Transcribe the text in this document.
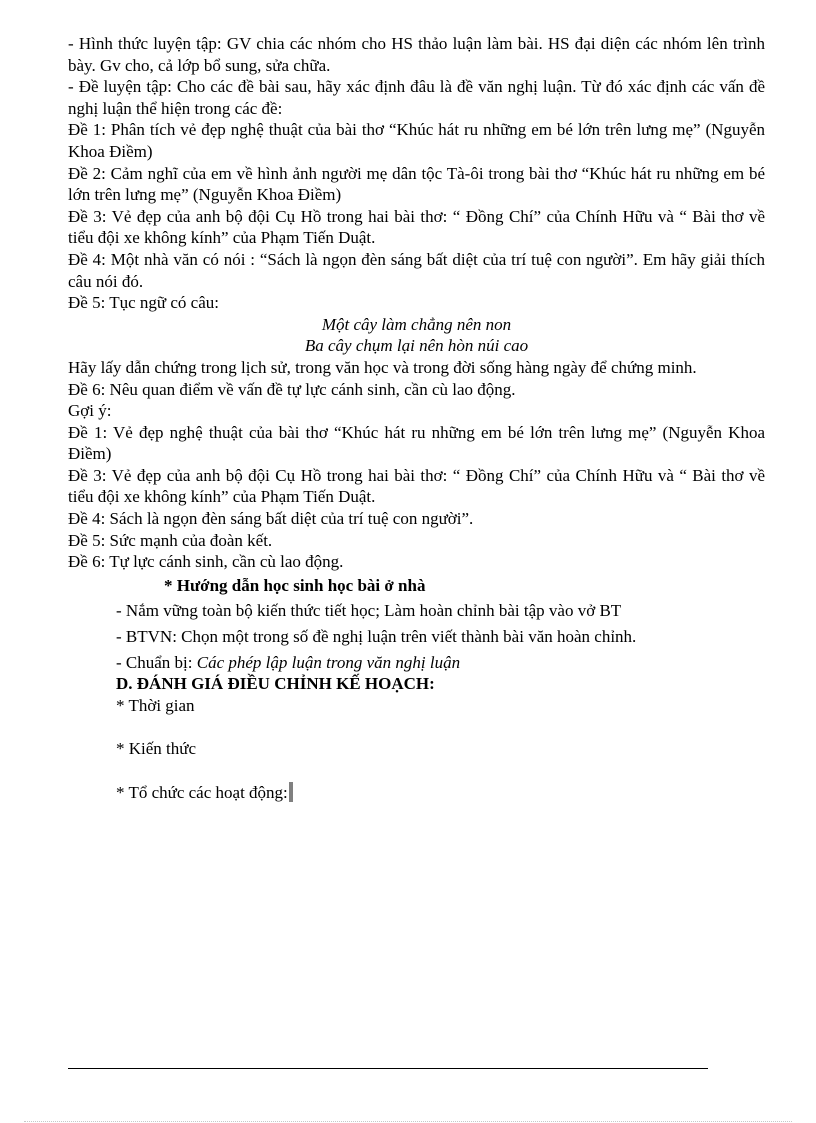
- Hình thức luyện tập: GV chia các nhóm cho HS thảo luận làm bài. HS đại diện các nhóm lên trình bày. Gv cho, cả lớp bổ sung, sửa chữa.

- Đề luyện tập: Cho các đề bài sau, hãy xác định đâu là đề văn nghị luận. Từ đó xác định các vấn đề nghị luận thể hiện trong các đề:

Đề 1: Phân tích vẻ đẹp nghệ thuật của bài thơ “Khúc hát ru những em bé lớn trên lưng mẹ” (Nguyễn Khoa Điềm)

Đề 2: Cảm nghĩ của em về hình ảnh người mẹ dân tộc Tà-ôi trong bài thơ “Khúc hát ru những em bé lớn trên lưng mẹ” (Nguyễn Khoa Điềm)

Đề 3: Vẻ đẹp của anh bộ đội Cụ Hồ trong hai bài thơ: “ Đồng Chí” của Chính Hữu và “ Bài thơ về tiểu đội xe không kính” của Phạm Tiến Duật.

Đề 4: Một nhà văn có nói : “Sách là ngọn đèn sáng bất diệt của trí tuệ con người”. Em hãy giải thích câu nói đó.

Đề 5: Tục ngữ có câu:

Một cây làm chẳng nên non

Ba cây chụm lại nên hòn núi cao

Hãy lấy dẫn chứng trong lịch sử, trong văn học và trong đời sống hàng ngày để chứng minh.

Đề 6: Nêu quan điểm về vấn đề tự lực cánh sinh, cần cù lao động.

Gợi ý:

Đề 1: Vẻ đẹp nghệ thuật của bài thơ “Khúc hát ru những em bé lớn trên lưng mẹ” (Nguyễn Khoa Điềm)

Đề 3: Vẻ đẹp của anh bộ đội Cụ Hồ trong hai bài thơ: “ Đồng Chí” của Chính Hữu và “ Bài thơ về tiểu đội xe không kính” của Phạm Tiến Duật.

Đề 4: Sách là ngọn đèn sáng bất diệt của trí tuệ con người”.

Đề 5: Sức mạnh của đoàn kết.

Đề 6: Tự lực cánh sinh, cần cù lao động.

* Hướng dẫn học sinh học bài ở nhà

- Nắm vững toàn bộ kiến thức tiết học; Làm hoàn chỉnh bài tập vào vở BT

- BTVN: Chọn một trong số đề nghị luận trên viết thành bài văn hoàn chỉnh.

- Chuẩn bị: Các phép lập luận trong văn nghị luận

D. ĐÁNH GIÁ ĐIỀU CHỈNH KẾ HOẠCH:

* Thời gian

* Kiến thức

* Tổ chức các hoạt động:
